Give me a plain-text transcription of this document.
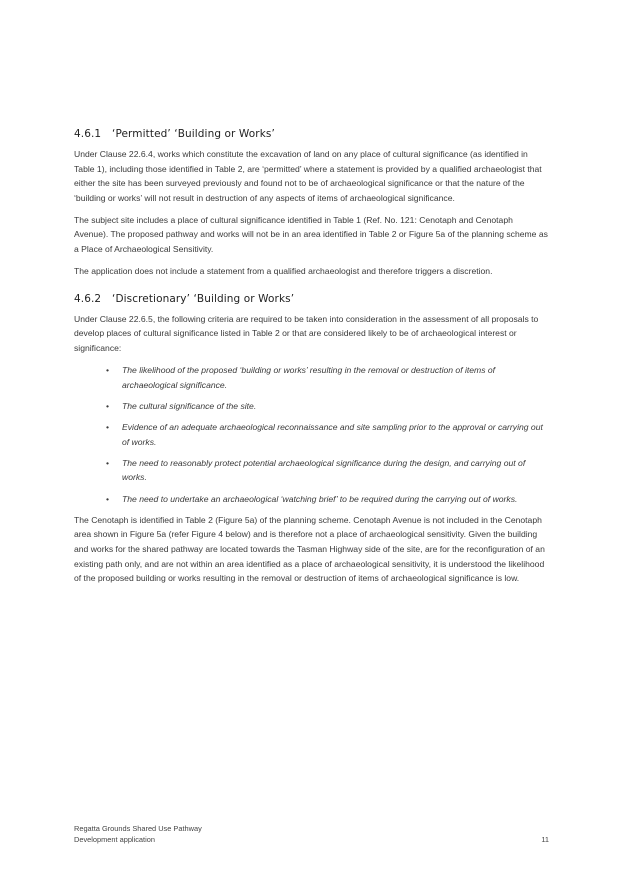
4.6.1 ‘Permitted’ ‘Building or Works’

Under Clause 22.6.4, works which constitute the excavation of land on any place of cultural significance (as identified in Table 1), including those identified in Table 2, are ‘permitted’ where a statement is provided by a qualified archaeologist that either the site has been surveyed previously and found not to be of archaeological significance or that the nature of the ‘building or works’ will not result in destruction of any aspects of items of archaeological significance.

The subject site includes a place of cultural significance identified in Table 1 (Ref. No. 121: Cenotaph and Cenotaph Avenue). The proposed pathway and works will not be in an area identified in Table 2 or Figure 5a of the planning scheme as a Place of Archaeological Sensitivity.

The application does not include a statement from a qualified archaeologist and therefore triggers a discretion.

4.6.2 ‘Discretionary’ ‘Building or Works’

Under Clause 22.6.5, the following criteria are required to be taken into consideration in the assessment of all proposals to develop places of cultural significance listed in Table 2 or that are considered likely to be of archaeological interest or significance:

• The likelihood of the proposed ‘building or works’ resulting in the removal or destruction of items of archaeological significance.
• The cultural significance of the site.
• Evidence of an adequate archaeological reconnaissance and site sampling prior to the approval or carrying out of works.
• The need to reasonably protect potential archaeological significance during the design, and carrying out of works.
• The need to undertake an archaeological ‘watching brief’ to be required during the carrying out of works.

The Cenotaph is identified in Table 2 (Figure 5a) of the planning scheme. Cenotaph Avenue is not included in the Cenotaph area shown in Figure 5a (refer Figure 4 below) and is therefore not a place of archaeological sensitivity. Given the building and works for the shared pathway are located towards the Tasman Highway side of the site, are for the reconfiguration of an existing path only, and are not within an area identified as a place of archaeological sensitivity, it is understood the likelihood of the proposed building or works resulting in the removal or destruction of items of archaeological significance is low.

Regatta Grounds Shared Use Pathway
Development application	11
